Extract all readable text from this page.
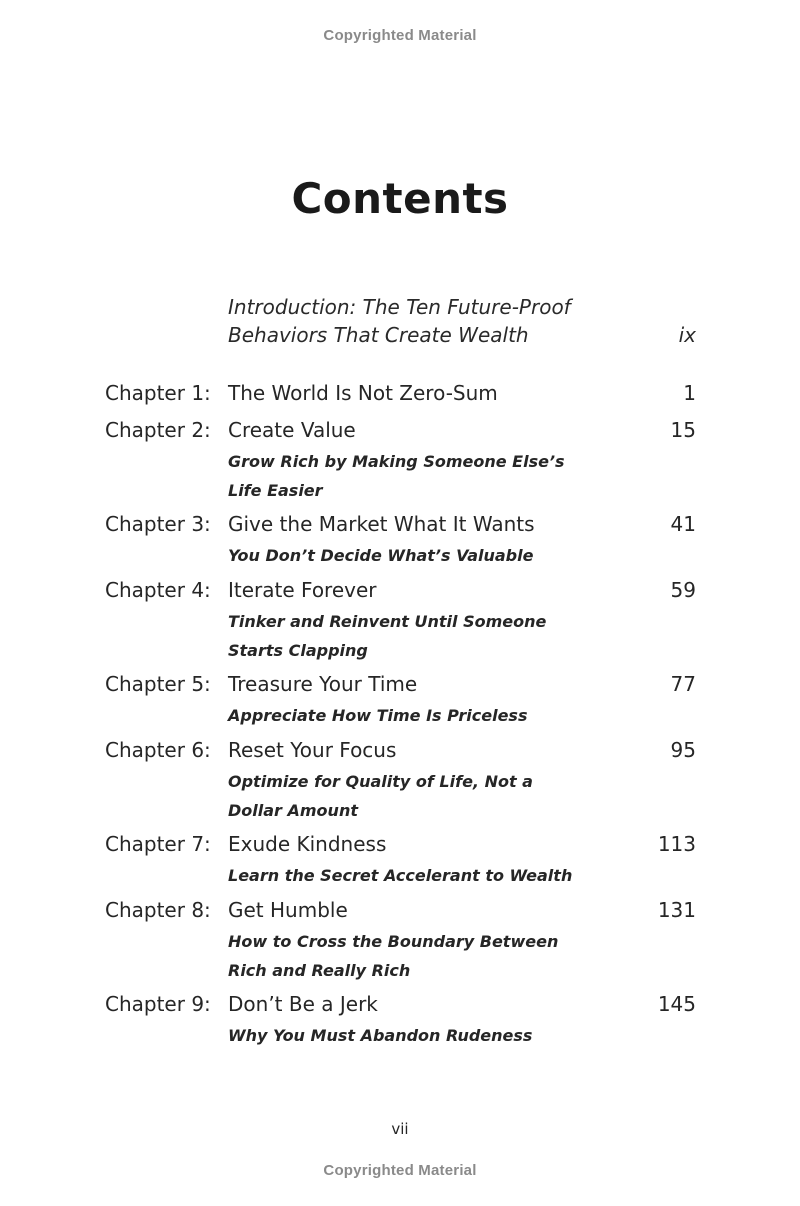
Copyrighted Material
Contents
Introduction: The Ten Future-Proof
Behaviors That Create Wealth	ix
Chapter 1: The World Is Not Zero-Sum	1
Chapter 2: Create Value
Grow Rich by Making Someone Else’s
Life Easier
15
Chapter 3: Give the Market What It Wants
You Don’t Decide What’s Valuable
41
Chapter 4: Iterate Forever
Tinker and Reinvent Until Someone
Starts Clapping
59
Chapter 5: Treasure Your Time
Appreciate How Time Is Priceless
77
Chapter 6: Reset Your Focus
Optimize for Quality of Life, Not a
Dollar Amount
95
Chapter 7: Exude Kindness
Learn the Secret Accelerant to Wealth
113
Chapter 8: Get Humble
How to Cross the Boundary Between
Rich and Really Rich
131
Chapter 9: Don’t Be a Jerk
Why You Must Abandon Rudeness
145
vii
Copyrighted Material
